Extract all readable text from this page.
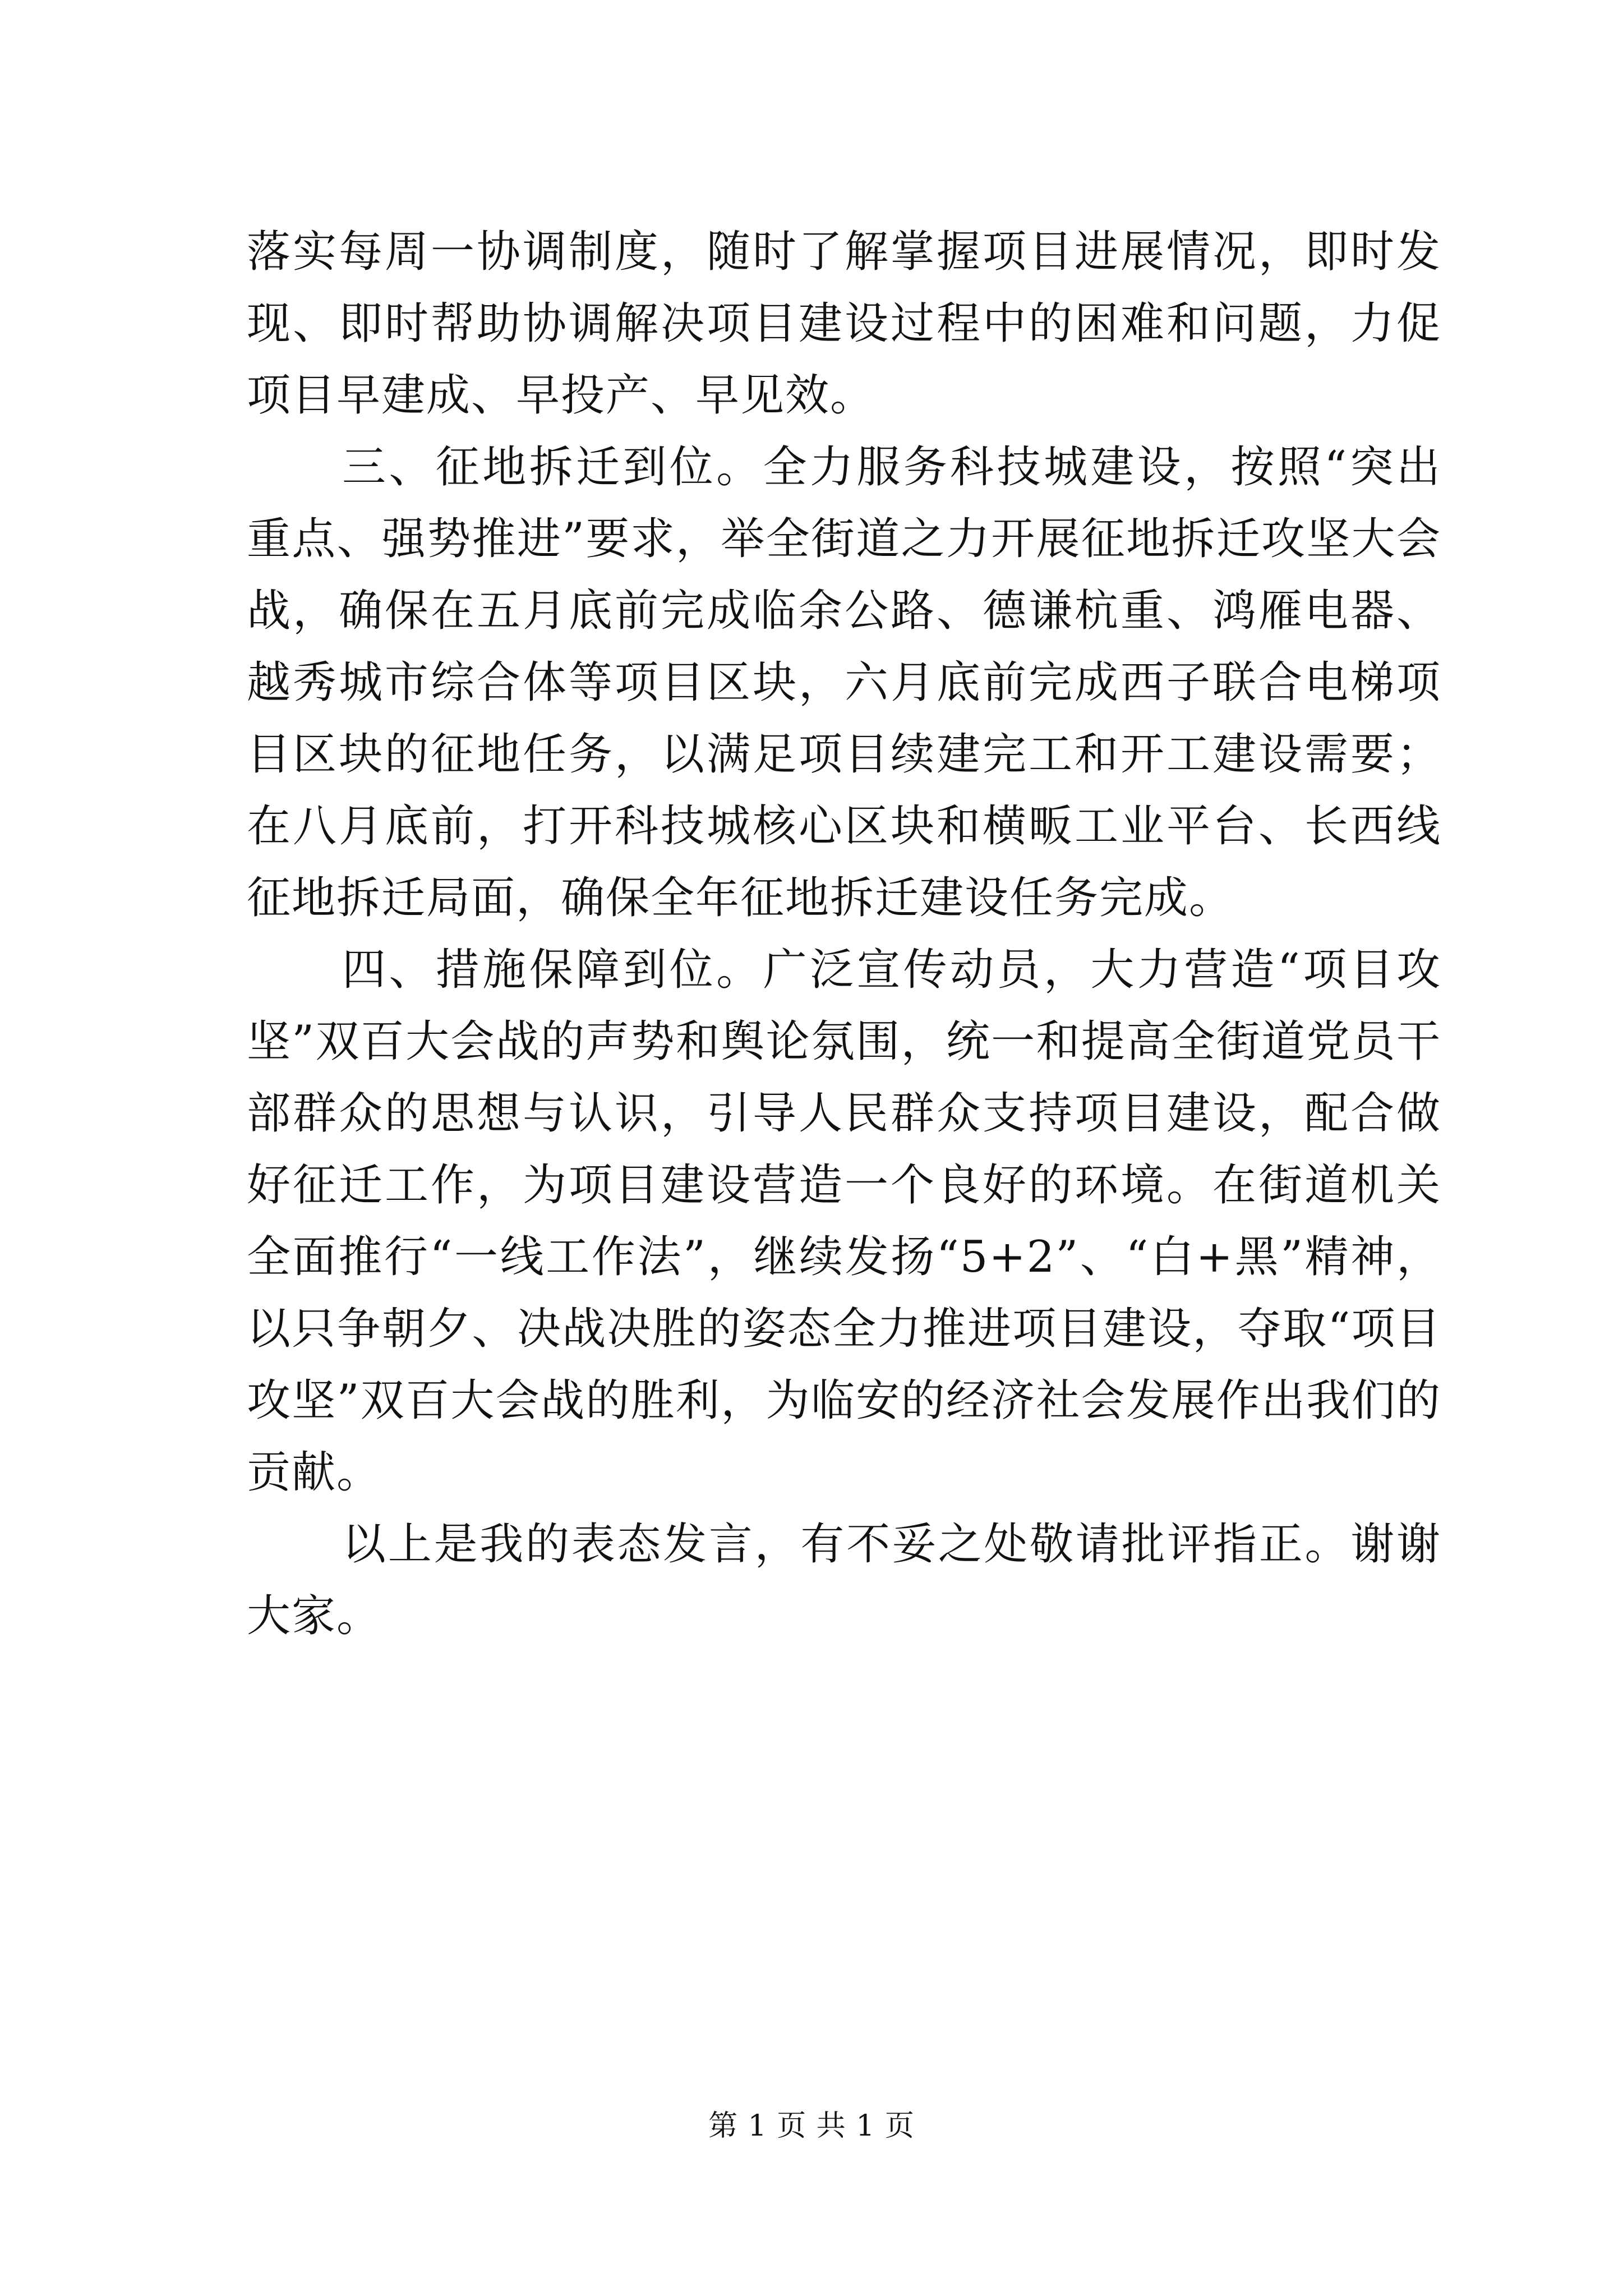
落实每周一协调制度，随时了解掌握项目进展情况，即时发现、即时帮助协调解决项目建设过程中的困难和问题，力促项目早建成、早投产、早见效。

三、征地拆迁到位。全力服务科技城建设，按照“突出重点、强势推进”要求，举全街道之力开展征地拆迁攻坚大会战，确保在五月底前完成临余公路、德谦杭重、鸿雁电器、越秀城市综合体等项目区块，六月底前完成西子联合电梯项目区块的征地任务，以满足项目续建完工和开工建设需要；在八月底前，打开科技城核心区块和横畈工业平台、长西线征地拆迁局面，确保全年征地拆迁建设任务完成。

四、措施保障到位。广泛宣传动员，大力营造“项目攻坚”双百大会战的声势和舆论氛围，统一和提高全街道党员干部群众的思想与认识，引导人民群众支持项目建设，配合做好征迁工作，为项目建设营造一个良好的环境。在街道机关全面推行“一线工作法”，继续发扬“5+2”、“白+黑”精神，以只争朝夕、决战决胜的姿态全力推进项目建设，夺取“项目攻坚”双百大会战的胜利，为临安的经济社会发展作出我们的贡献。

以上是我的表态发言，有不妥之处敬请批评指正。谢谢大家。

第 1 页 共 1 页
